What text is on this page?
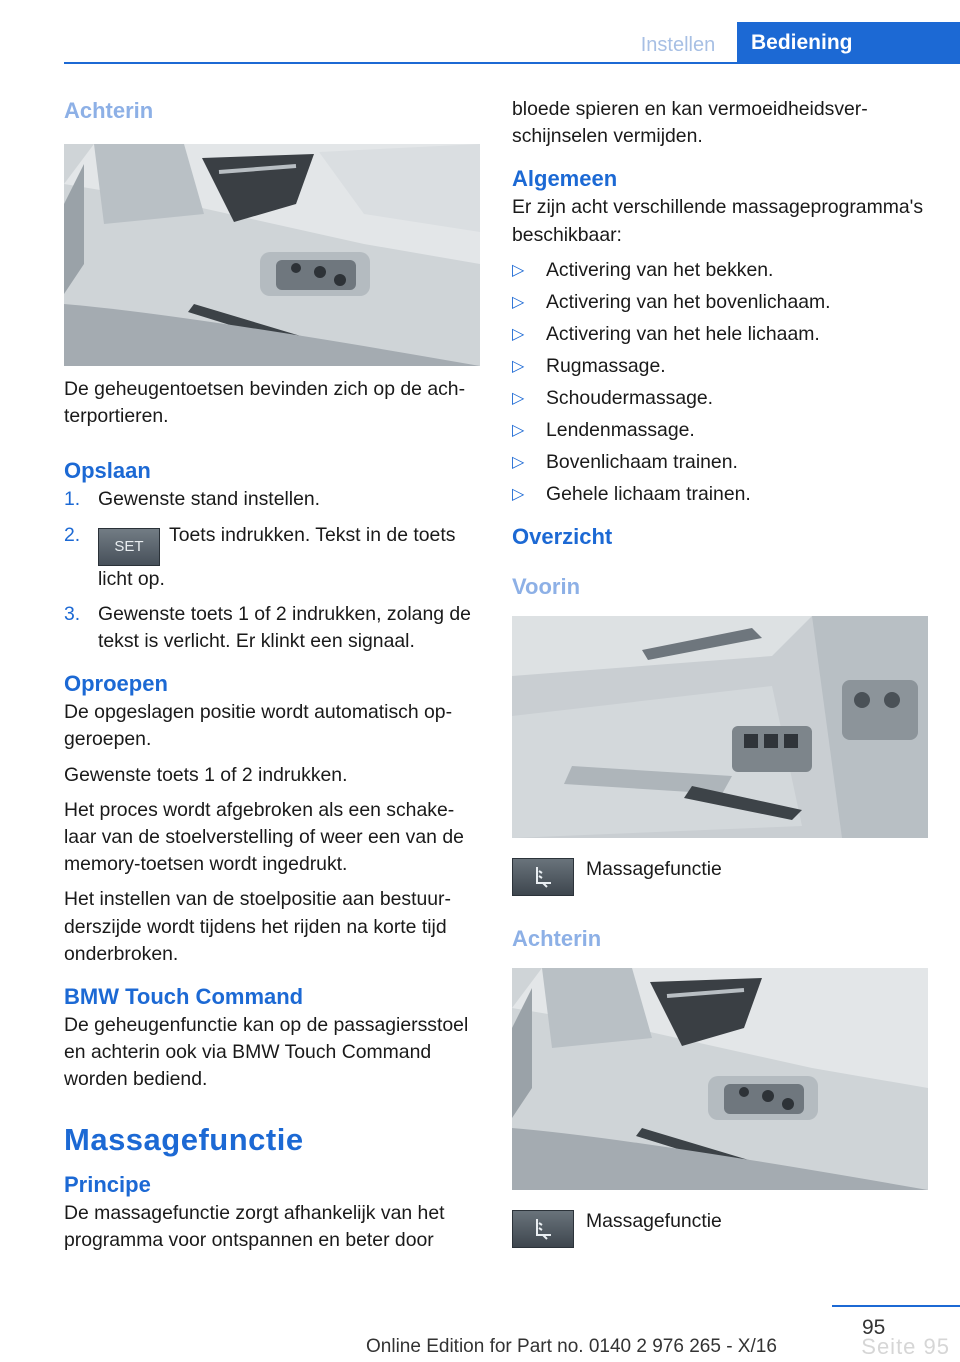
Instellen	Bediening
Achterin

De geheugentoetsen bevinden zich op de achterportieren.

Opslaan
1. Gewenste stand instellen.
2.
SET Toets indrukken. Tekst in de toets licht op.
3. Gewenste toets 1 of 2 indrukken, zolang de tekst is verlicht. Er klinkt een signaal.
Oproepen

De opgeslagen positie wordt automatisch opgeroepen.

Gewenste toets 1 of 2 indrukken.

Het proces wordt afgebroken als een schakelaar van de stoelverstelling of weer een van de memory-toetsen wordt ingedrukt.

Het instellen van de stoelpositie aan bestuurderszijde wordt tijdens het rijden na korte tijd onderbroken.

BMW Touch Command

De geheugenfunctie kan op de passagiersstoel en achterin ook via BMW Touch Command worden bediend.

Massagefunctie
Principe

De massagefunctie zorgt afhankelijk van het programma voor ontspannen en beter door

bloede spieren en kan vermoeidheidsverschijnselen vermijden.

Algemeen

Er zijn acht verschillende massageprogramma's beschikbaar:

▷ Activering van het bekken.
▷ Activering van het bovenlichaam.
▷ Activering van het hele lichaam.
▷ Rugmassage.
▷ Schoudermassage.
▷ Lendenmassage.
▷ Bovenlichaam trainen.
▷ Gehele lichaam trainen.
Overzicht
Voorin
Massagefunctie
Achterin
Massagefunctie
95
Online Edition for Part no. 0140 2 976 265 - X/16	Seite 95
